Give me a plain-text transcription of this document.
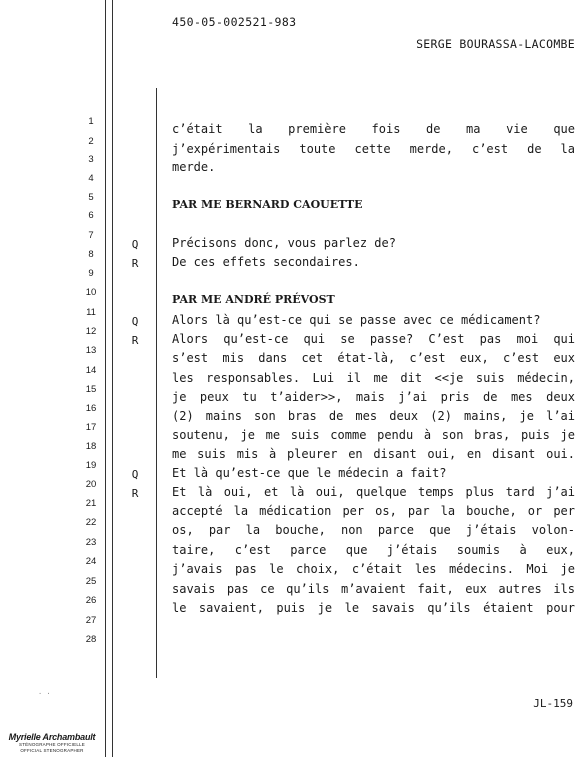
450-05-002521-983
SERGE BOURASSA-LACOMBE
1
c’était la première fois de ma vie que
2
j’expérimentais toute cette merde, c’est de la
3
merde.
4
5
PAR ME BERNARD CAOUETTE
6
7
Q	Précisons donc, vous parlez de?
8
R	De ces effets secondaires.
9
10
PAR ME ANDRÉ PRÉVOST
11
Q	Alors là qu’est-ce qui se passe avec ce médicament?
12
R	Alors qu’est-ce qui se passe? C’est pas moi qui
13
s’est mis dans cet état-là, c’est eux, c’est eux
14
les responsables. Lui il me dit <<je suis médecin,
15
je peux tu t’aider>>, mais j’ai pris de mes deux
16
(2) mains son bras de mes deux (2) mains, je l’ai
17
soutenu, je me suis comme pendu à son bras, puis je
18
me suis mis à pleurer en disant oui, en disant oui.
19
Q	Et là qu’est-ce que le médecin a fait?
20
R	Et là oui, et là oui, quelque temps plus tard j’ai
21
accepté la médication per os, par la bouche, or per
22
os, par la bouche, non parce que j’étais volon-
23
taire, c’est parce que j’étais soumis à eux,
24
j’avais pas le choix, c’était les médecins. Moi je
25
savais pas ce qu’ils m’avaient fait, eux autres ils
26
le savaient, puis je le savais qu’ils étaient pour
27
28
· ·
JL-159
Myrielle Archambault
STÉNOGRAPHE OFFICIELLE
OFFICIAL STENOGRAPHER
